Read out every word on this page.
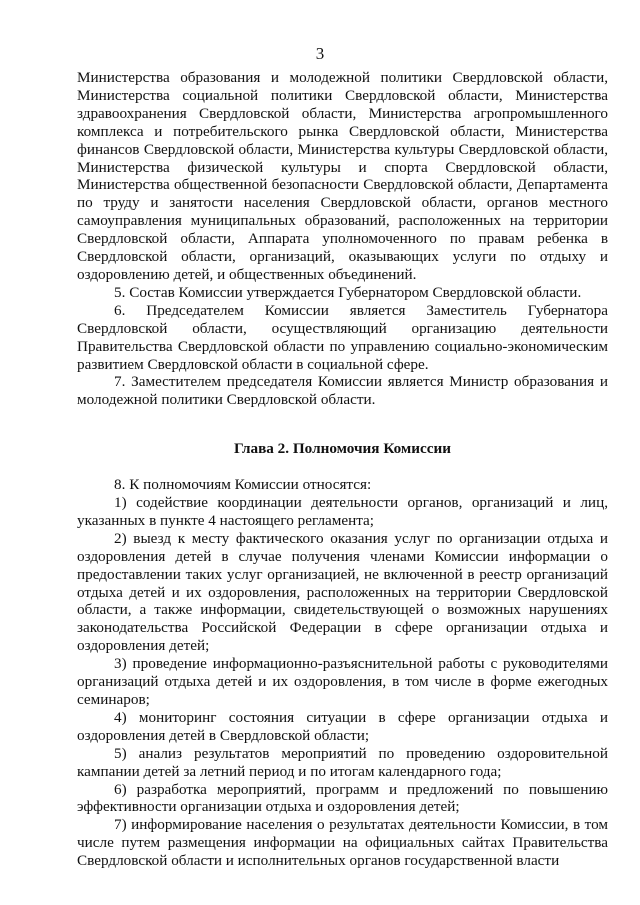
3

Министерства образования и молодежной политики Свердловской области, Министерства социальной политики Свердловской области, Министерства здравоохранения Свердловской области, Министерства агропромышленного комплекса и потребительского рынка Свердловской области, Министерства финансов Свердловской области, Министерства культуры Свердловской области, Министерства физической культуры и спорта Свердловской области, Министерства общественной безопасности Свердловской области, Департамента по труду и занятости населения Свердловской области, органов местного самоуправления муниципальных образований, расположенных на территории Свердловской области, Аппарата уполномоченного по правам ребенка в Свердловской области, организаций, оказывающих услуги по отдыху и оздоровлению детей, и общественных объединений.

5. Состав Комиссии утверждается Губернатором Свердловской области.

6. Председателем Комиссии является Заместитель Губернатора Свердловской области, осуществляющий организацию деятельности Правительства Свердловской области по управлению социально-экономическим развитием Свердловской области в социальной сфере.

7. Заместителем председателя Комиссии является Министр образования и молодежной политики Свердловской области.

Глава 2. Полномочия Комиссии

8. К полномочиям Комиссии относятся:

1) содействие координации деятельности органов, организаций и лиц, указанных в пункте 4 настоящего регламента;

2) выезд к месту фактического оказания услуг по организации отдыха и оздоровления детей в случае получения членами Комиссии информации о предоставлении таких услуг организацией, не включенной в реестр организаций отдыха детей и их оздоровления, расположенных на территории Свердловской области, а также информации, свидетельствующей о возможных нарушениях законодательства Российской Федерации в сфере организации отдыха и оздоровления детей;

3) проведение информационно-разъяснительной работы с руководителями организаций отдыха детей и их оздоровления, в том числе в форме ежегодных семинаров;

4) мониторинг состояния ситуации в сфере организации отдыха и оздоровления детей в Свердловской области;

5) анализ результатов мероприятий по проведению оздоровительной кампании детей за летний период и по итогам календарного года;

6) разработка мероприятий, программ и предложений по повышению эффективности организации отдыха и оздоровления детей;

7) информирование населения о результатах деятельности Комиссии, в том числе путем размещения информации на официальных сайтах Правительства Свердловской области и исполнительных органов государственной власти
